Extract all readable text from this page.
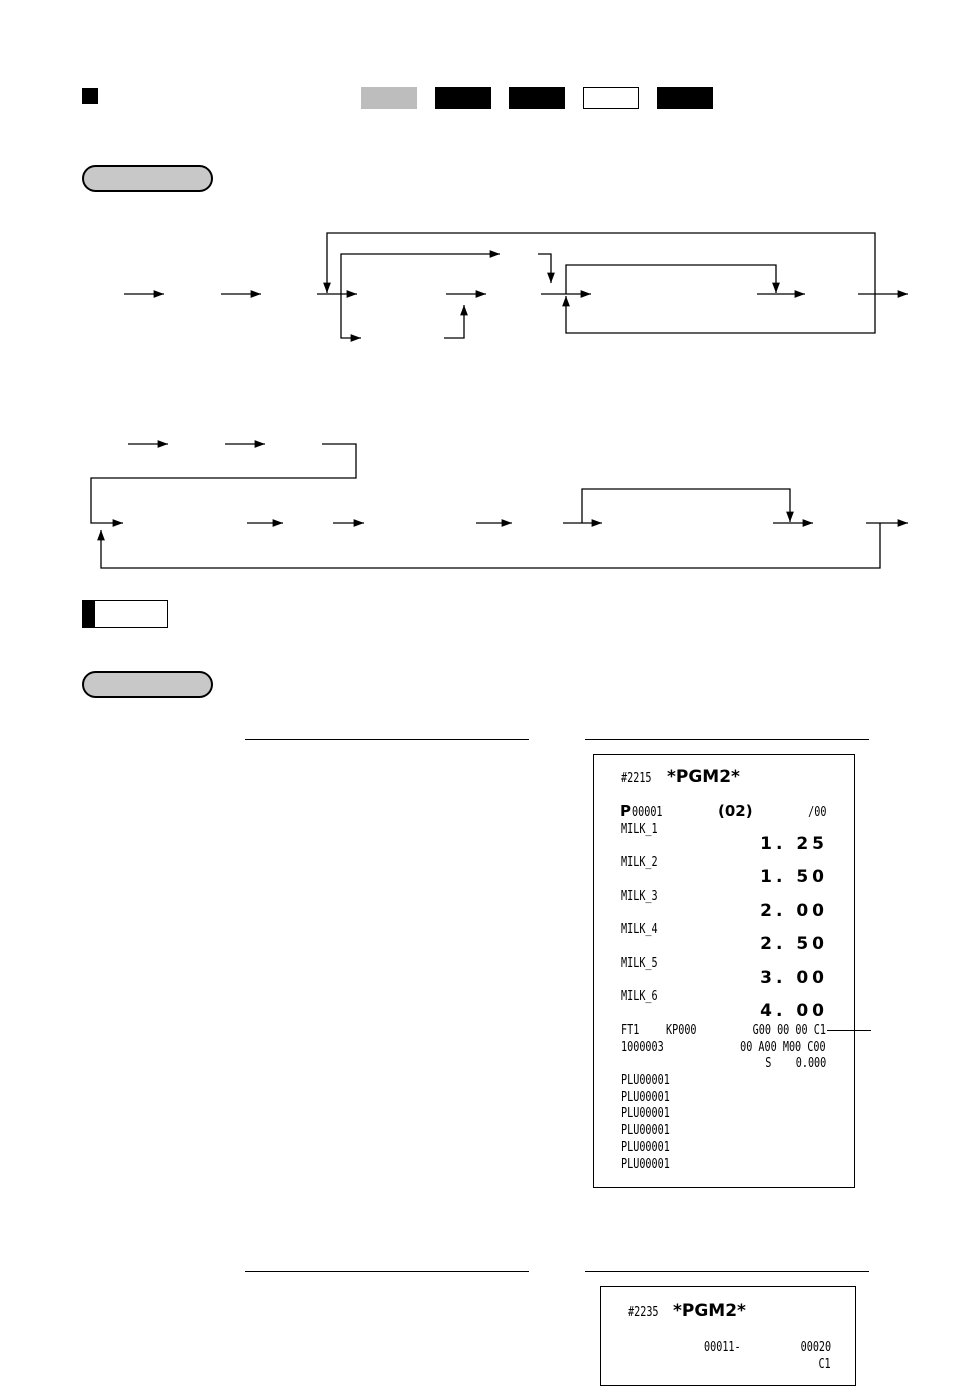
#2215 *PGM2*
P 00001	(02)	/00
MILK_1
1. 25
MILK_2
1. 50
MILK_3
2. 00
MILK_4
2. 50
MILK_5
3. 00
MILK_6
4. 00
FT1 KP000	G00 00 00 C1
1000003	00 A00 M00 C00
S    0.000
PLU00001
PLU00001
PLU00001
PLU00001
PLU00001
PLU00001
#2235 *PGM2*
00011-	00020
C1
